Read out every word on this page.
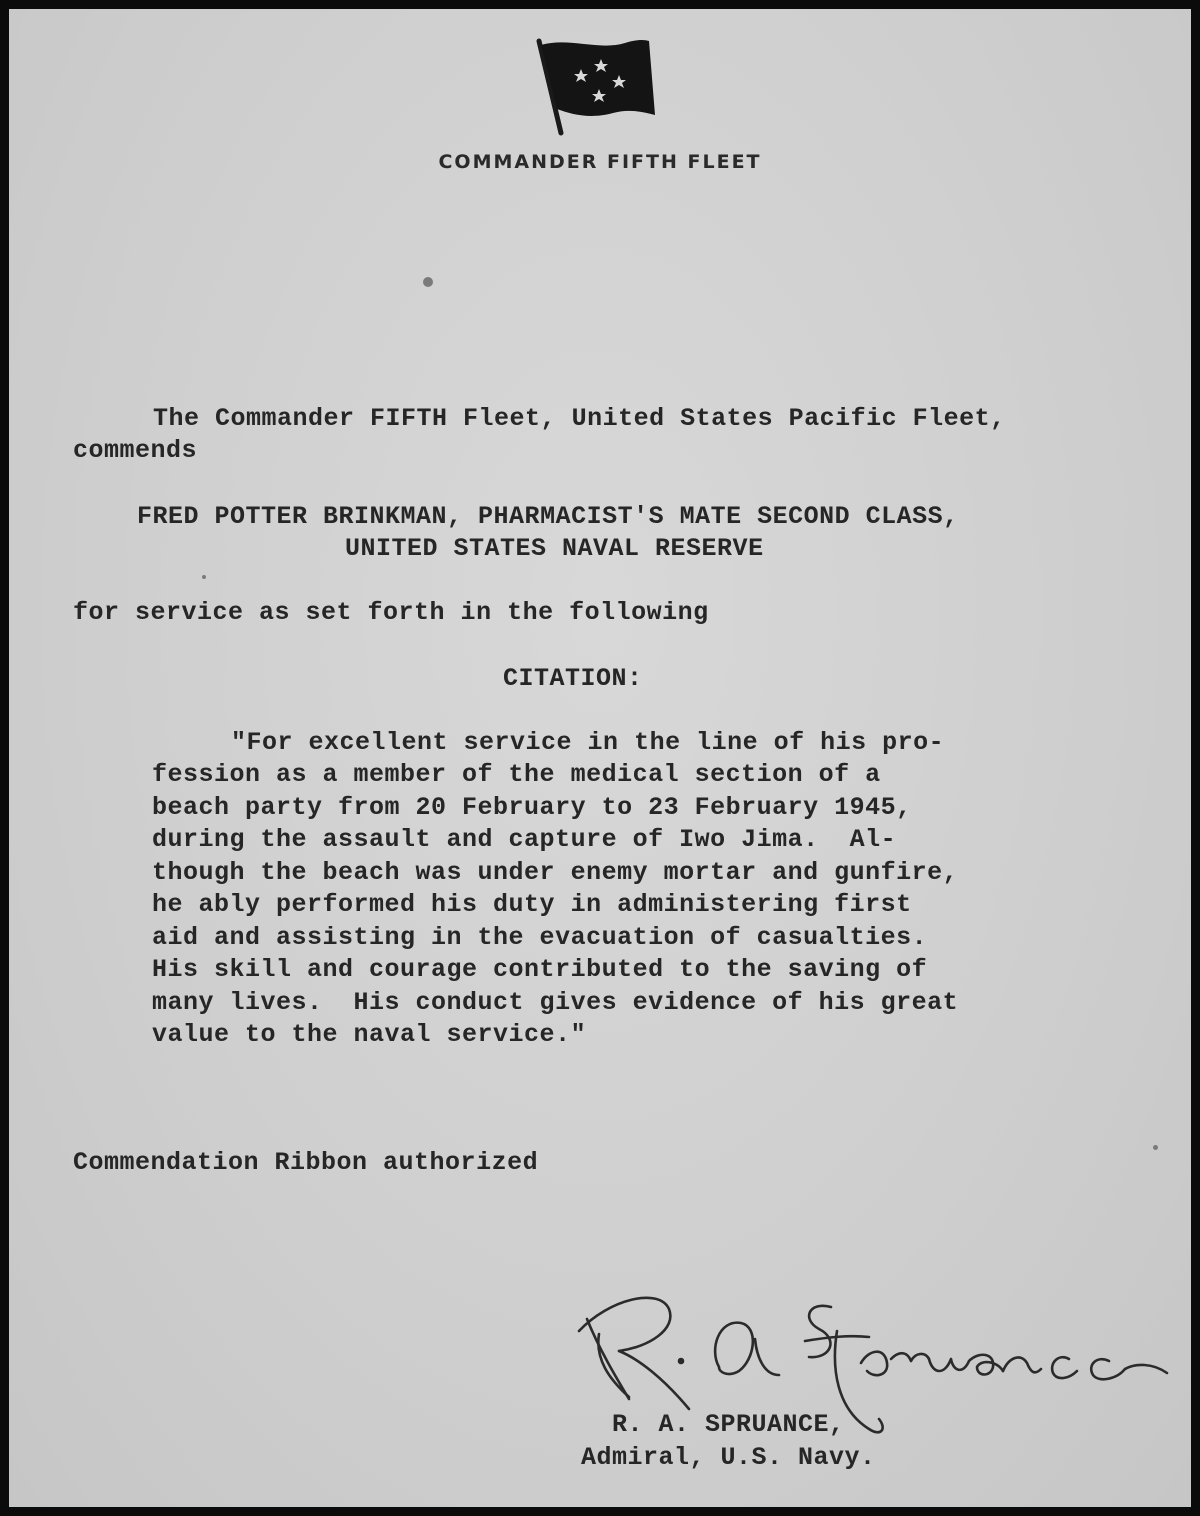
COMMANDER FIFTH FLEET
The Commander FIFTH Fleet, United States Pacific Fleet,
commends
FRED POTTER BRINKMAN, PHARMACIST'S MATE SECOND CLASS,
UNITED STATES NAVAL RESERVE
for service as set forth in the following
CITATION:
"For excellent service in the line of his pro-
fession as a member of the medical section of a
beach party from 20 February to 23 February 1945,
during the assault and capture of Iwo Jima.  Al-
though the beach was under enemy mortar and gunfire,
he ably performed his duty in administering first
aid and assisting in the evacuation of casualties.
His skill and courage contributed to the saving of
many lives.  His conduct gives evidence of his great
value to the naval service."
Commendation Ribbon authorized
R. A. SPRUANCE,
Admiral, U.S. Navy.
